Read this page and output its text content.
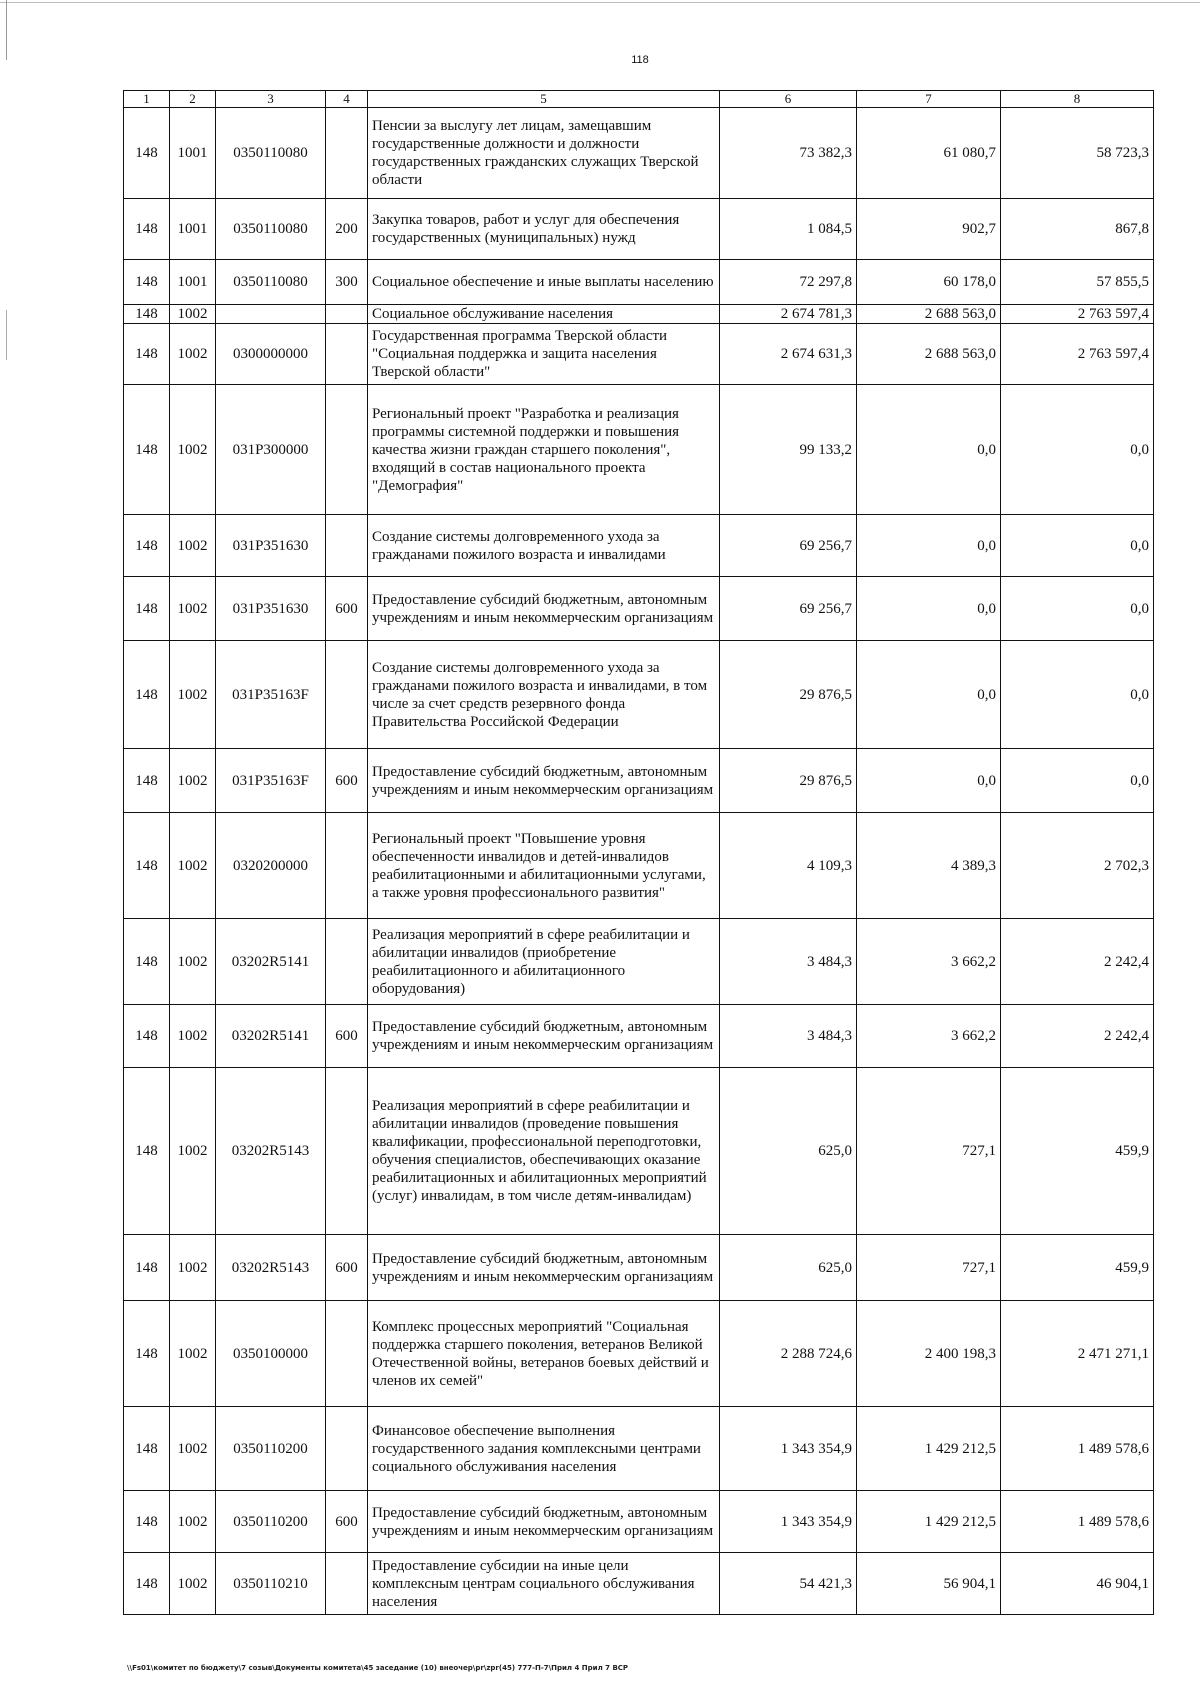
118
1	2	3	4	5	6	7	8
148	1001	0350110080		Пенсии за выслугу лет лицам, замещавшим государственные должности и должности государственных гражданских служащих Тверской области	73 382,3	61 080,7	58 723,3
148	1001	0350110080	200	Закупка товаров, работ и услуг для обеспечения государственных (муниципальных) нужд	1 084,5	902,7	867,8
148	1001	0350110080	300	Социальное обеспечение и иные выплаты населению	72 297,8	60 178,0	57 855,5
148	1002			Социальное обслуживание населения	2 674 781,3	2 688 563,0	2 763 597,4
148	1002	0300000000		Государственная программа Тверской области "Социальная поддержка и защита населения Тверской области"	2 674 631,3	2 688 563,0	2 763 597,4
148	1002	031P300000		Региональный проект "Разработка и реализация программы системной поддержки и повышения качества жизни граждан старшего поколения", входящий в состав национального проекта "Демография"	99 133,2	0,0	0,0
148	1002	031P351630		Создание системы долговременного ухода за гражданами пожилого возраста и инвалидами	69 256,7	0,0	0,0
148	1002	031P351630	600	Предоставление субсидий бюджетным, автономным учреждениям и иным некоммерческим организациям	69 256,7	0,0	0,0
148	1002	031P35163F		Создание системы долговременного ухода за гражданами пожилого возраста и инвалидами, в том числе за счет средств резервного фонда Правительства Российской Федерации	29 876,5	0,0	0,0
148	1002	031P35163F	600	Предоставление субсидий бюджетным, автономным учреждениям и иным некоммерческим организациям	29 876,5	0,0	0,0
148	1002	0320200000		Региональный проект "Повышение уровня обеспеченности инвалидов и детей-инвалидов реабилитационными и абилитационными услугами, а также уровня профессионального развития"	4 109,3	4 389,3	2 702,3
148	1002	03202R5141		Реализация мероприятий в сфере реабилитации и абилитации инвалидов (приобретение реабилитационного и абилитационного оборудования)	3 484,3	3 662,2	2 242,4
148	1002	03202R5141	600	Предоставление субсидий бюджетным, автономным учреждениям и иным некоммерческим организациям	3 484,3	3 662,2	2 242,4
148	1002	03202R5143		Реализация мероприятий в сфере реабилитации и абилитации инвалидов (проведение повышения квалификации, профессиональной переподготовки, обучения специалистов, обеспечивающих оказание реабилитационных и абилитационных мероприятий (услуг) инвалидам, в том числе детям-инвалидам)	625,0	727,1	459,9
148	1002	03202R5143	600	Предоставление субсидий бюджетным, автономным учреждениям и иным некоммерческим организациям	625,0	727,1	459,9
148	1002	0350100000		Комплекс процессных мероприятий "Социальная поддержка старшего поколения, ветеранов Великой Отечественной войны, ветеранов боевых действий и членов их семей"	2 288 724,6	2 400 198,3	2 471 271,1
148	1002	0350110200		Финансовое обеспечение выполнения государственного задания комплексными центрами социального обслуживания населения	1 343 354,9	1 429 212,5	1 489 578,6
148	1002	0350110200	600	Предоставление субсидий бюджетным, автономным учреждениям и иным некоммерческим организациям	1 343 354,9	1 429 212,5	1 489 578,6
148	1002	0350110210		Предоставление субсидии на иные цели комплексным центрам социального обслуживания населения	54 421,3	56 904,1	46 904,1
\\Fs01\комитет по бюджету\7 созыв\Документы комитета\45 заседание (10) внеочер\pr\zpr(45) 777-П-7\Прил 4 Прил 7 ВСР
